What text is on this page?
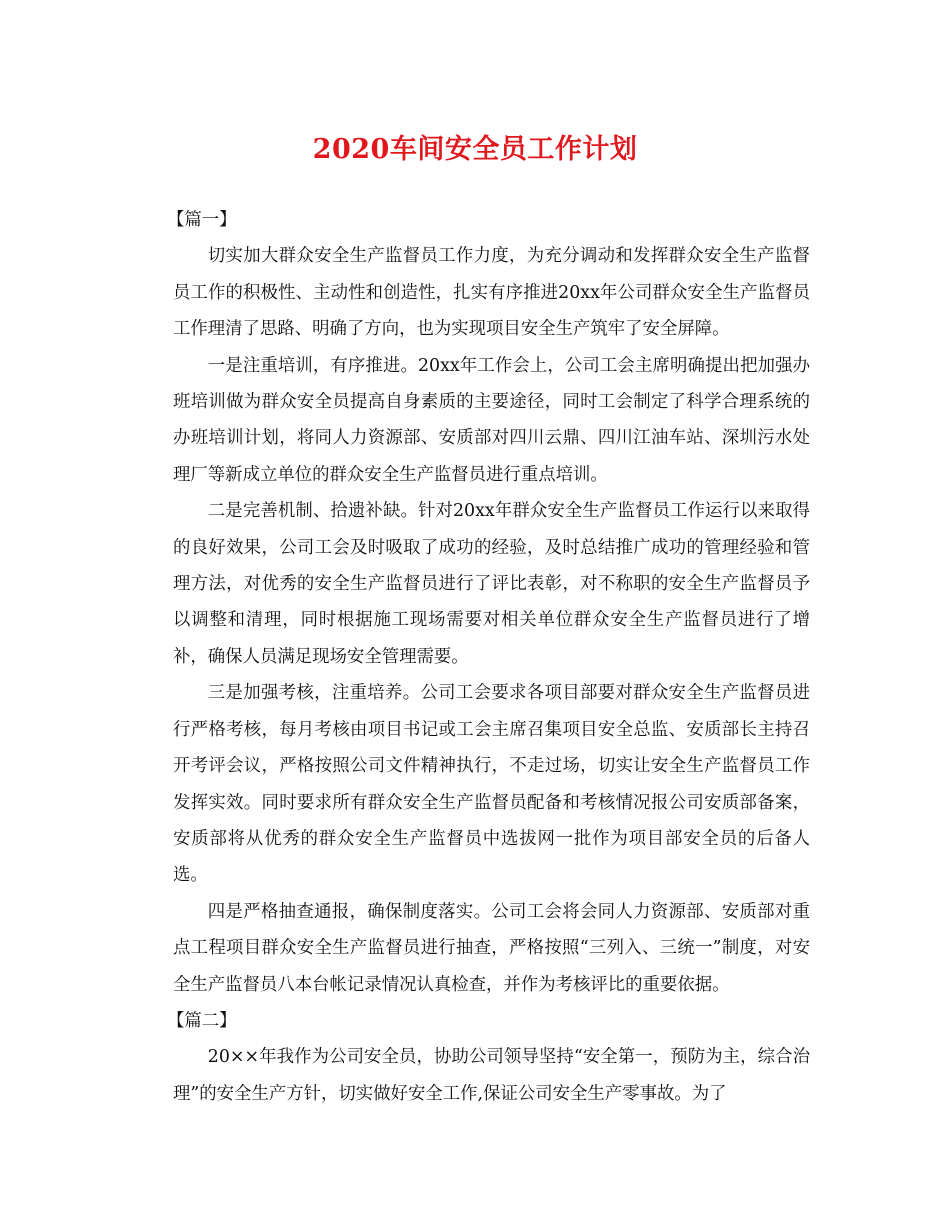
2020车间安全员工作计划

【篇一】

切实加大群众安全生产监督员工作力度，为充分调动和发挥群众安全生产监督员工作的积极性、主动性和创造性，扎实有序推进20xx年公司群众安全生产监督员工作理清了思路、明确了方向，也为实现项目安全生产筑牢了安全屏障。

一是注重培训，有序推进。20xx年工作会上，公司工会主席明确提出把加强办班培训做为群众安全员提高自身素质的主要途径，同时工会制定了科学合理系统的办班培训计划，将同人力资源部、安质部对四川云鼎、四川江油车站、深圳污水处理厂等新成立单位的群众安全生产监督员进行重点培训。

二是完善机制、拾遗补缺。针对20xx年群众安全生产监督员工作运行以来取得的良好效果，公司工会及时吸取了成功的经验，及时总结推广成功的管理经验和管理方法，对优秀的安全生产监督员进行了评比表彰，对不称职的安全生产监督员予以调整和清理，同时根据施工现场需要对相关单位群众安全生产监督员进行了增补，确保人员满足现场安全管理需要。

三是加强考核，注重培养。公司工会要求各项目部要对群众安全生产监督员进行严格考核，每月考核由项目书记或工会主席召集项目安全总监、安质部长主持召开考评会议，严格按照公司文件精神执行，不走过场，切实让安全生产监督员工作发挥实效。同时要求所有群众安全生产监督员配备和考核情况报公司安质部备案，安质部将从优秀的群众安全生产监督员中选拔网一批作为项目部安全员的后备人选。

四是严格抽查通报，确保制度落实。公司工会将会同人力资源部、安质部对重点工程项目群众安全生产监督员进行抽查，严格按照“三列入、三统一”制度，对安全生产监督员八本台帐记录情况认真检查，并作为考核评比的重要依据。

【篇二】

20××年我作为公司安全员，协助公司领导坚持“安全第一，预防为主，综合治理”的安全生产方针，切实做好安全工作,保证公司安全生产零事故。为了
